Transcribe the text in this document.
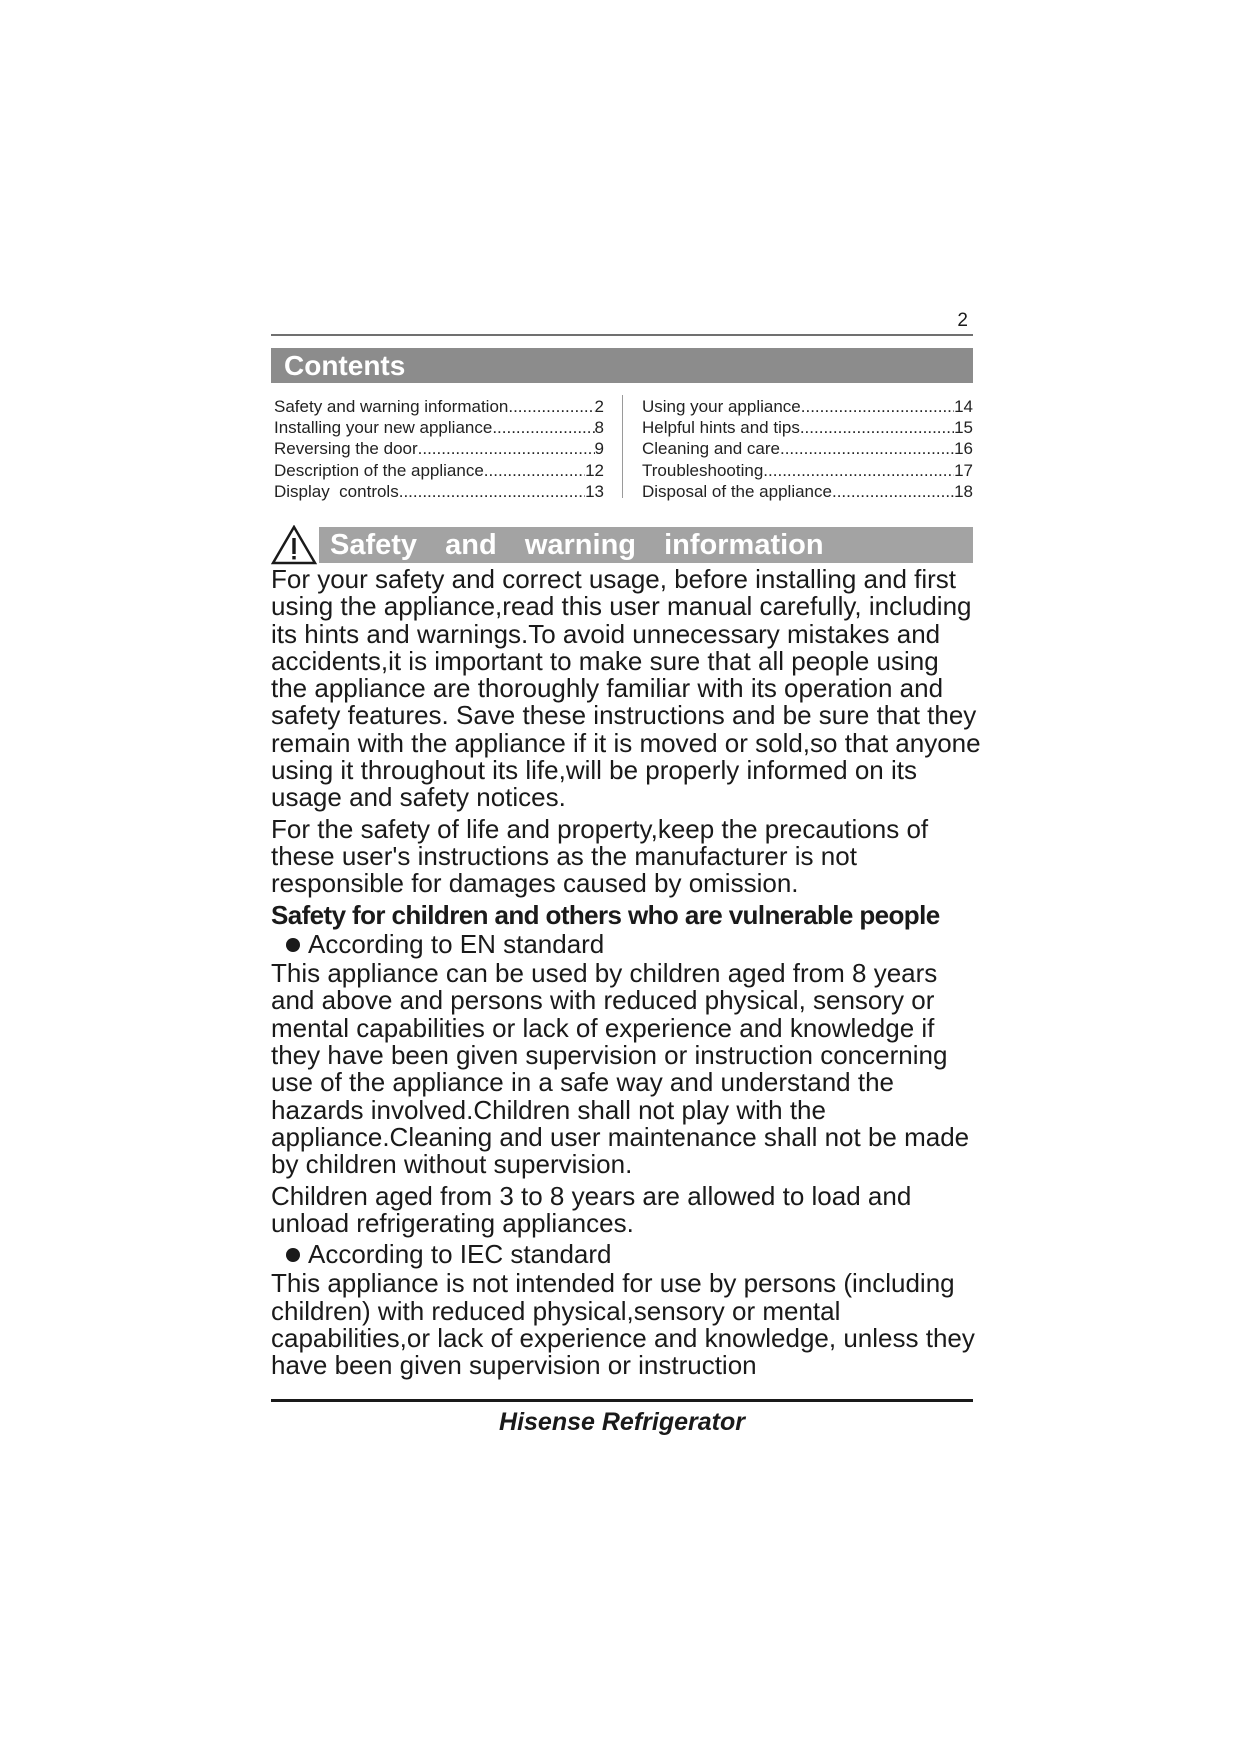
2
Contents
Safety and warning information .....	2
Installing your new appliance .....	8
Reversing the door .....	9
Description of the appliance .....	12
Display  controls .....	13
Using your appliance .....	14
Helpful hints and tips .....	15
Cleaning and care .....	16
Troubleshooting .....	17
Disposal of the appliance .....	18
Safety  and  warning  information

For your safety and correct usage, before installing and first using the appliance,read this user manual carefully, including its hints and warnings.To avoid unnecessary mistakes and accidents,it is important to make sure that all people using the appliance are thoroughly familiar with its operation and safety features. Save these instructions and be sure that they remain with the appliance if it is moved or sold,so that anyone using it throughout its life,will be properly informed on its usage and safety notices.

For the safety of life and property,keep the precautions of these user's instructions as the manufacturer is not responsible for damages caused by omission.

Safety for children and others who are vulnerable people

According to EN standard

This appliance can be used by children aged from 8 years and above and persons with reduced physical, sensory or mental capabilities or lack of experience and knowledge if they have been given supervision or instruction concerning use of the appliance in a safe way and understand the hazards involved.Children shall not play with the appliance.Cleaning and user maintenance shall not be made by children without supervision.

Children aged from 3 to 8 years are allowed to load and unload refrigerating appliances.

According to IEC standard

This appliance is not intended for use by persons (including children) with reduced physical,sensory or mental capabilities,or lack of experience and knowledge, unless they have been given supervision or instruction

Hisense Refrigerator
